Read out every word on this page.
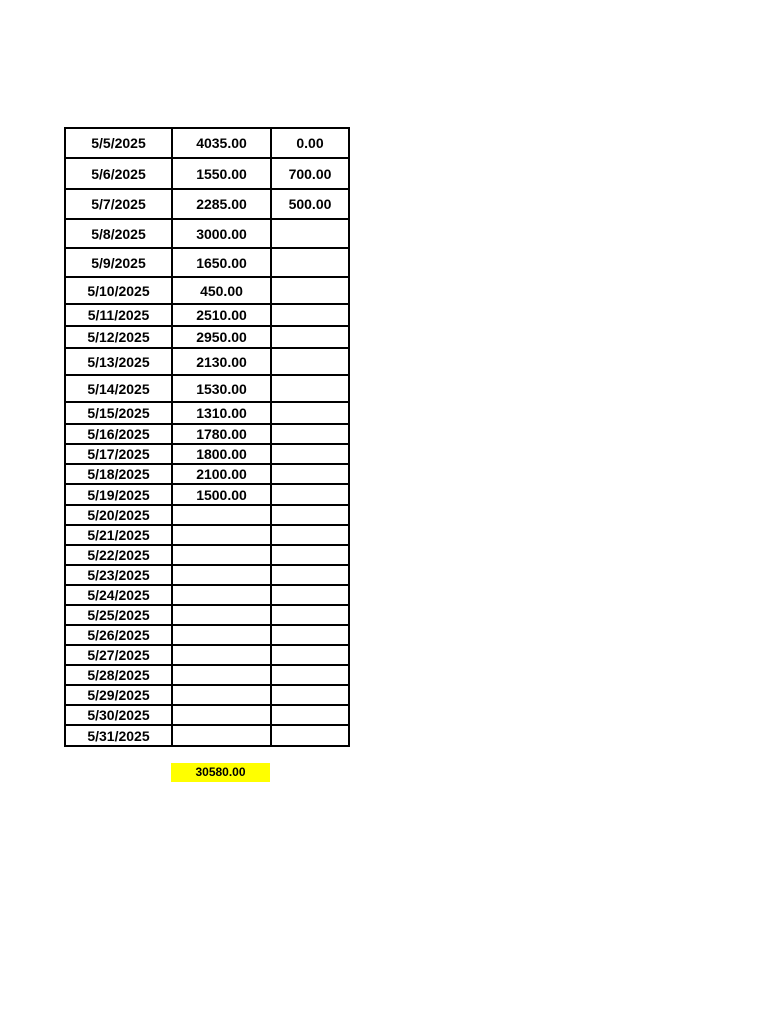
5/5/2025	4035.00	0.00
5/6/2025	1550.00	700.00
5/7/2025	2285.00	500.00
5/8/2025	3000.00	
5/9/2025	1650.00	
5/10/2025	450.00	
5/11/2025	2510.00	
5/12/2025	2950.00	
5/13/2025	2130.00	
5/14/2025	1530.00	
5/15/2025	1310.00	
5/16/2025	1780.00	
5/17/2025	1800.00	
5/18/2025	2100.00	
5/19/2025	1500.00	
5/20/2025		
5/21/2025		
5/22/2025		
5/23/2025		
5/24/2025		
5/25/2025		
5/26/2025		
5/27/2025		
5/28/2025		
5/29/2025		
5/30/2025		
5/31/2025		
30580.00
